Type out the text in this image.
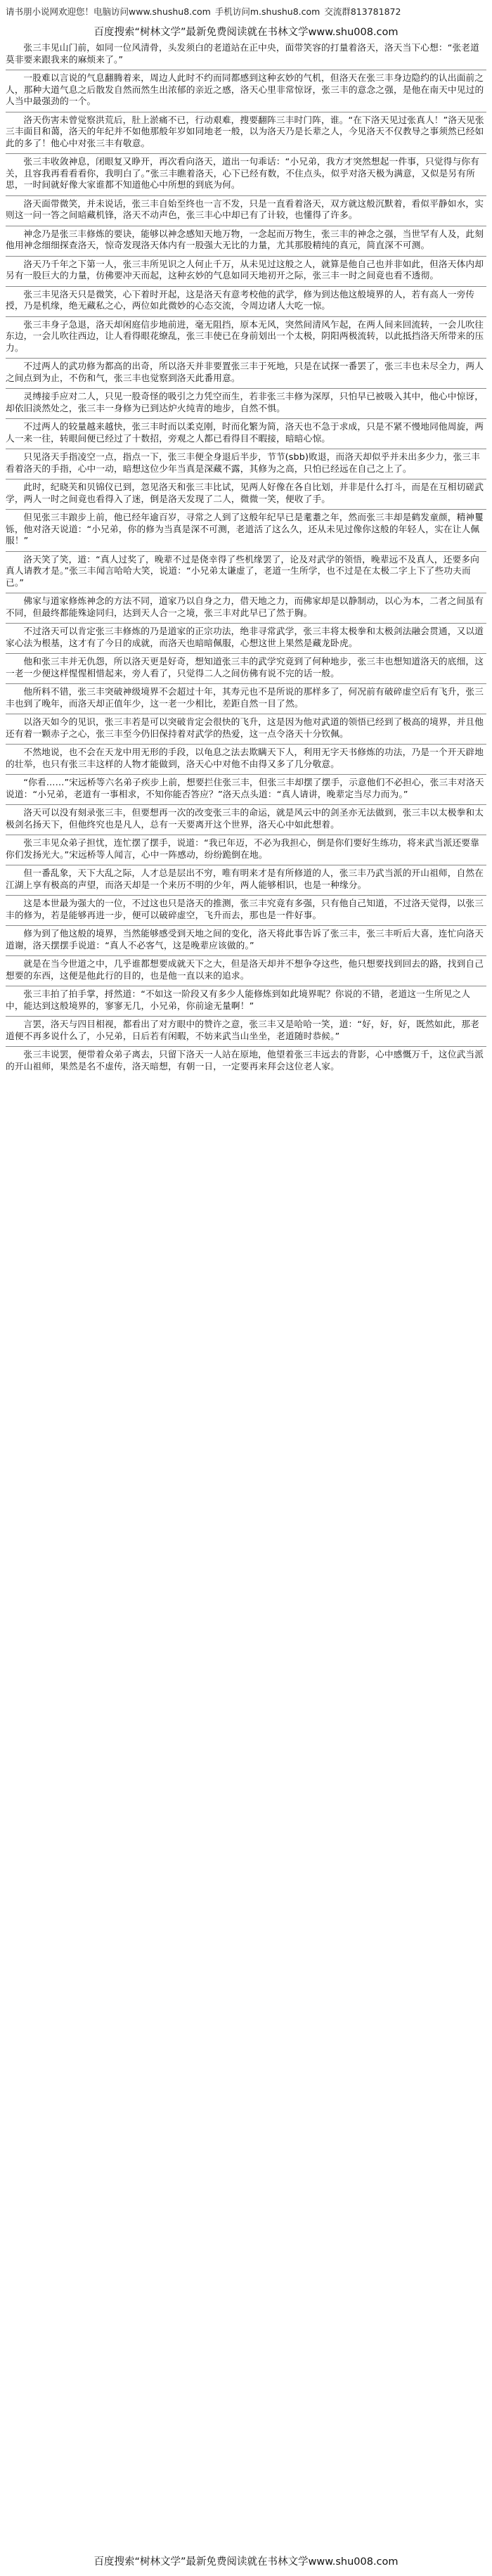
请书朋小说网欢迎您！电脑访问www.shushu8.com 手机访问m.shushu8.com 交流群813781872
百度搜索“树林文学”最新免费阅读就在书林文学www.shu008.com
张三丰见山门前，如同一位风清骨，头发须白的老道站在正中央，面带笑容的打量着洛天，洛天当下心想：“张老道莫非要来跟我来的麻烦来了。”
一股难以言说的气息翻腾着来，周边人此时不约而同都感到这种玄妙的气机，但洛天在张三丰身边隐约的认出面前之人，那种大道气息之后散发自然而然生出浓郁的亲近之感，洛天心里非常惊讶，张三丰的意念之强，是他在南天中见过的人当中最强劲的一个。
洛天伤害未曾觉察洪荒后，肚上淤痛不已，行动艰难，搜要翻阵三丰时门阵，谁。“在下洛天见过张真人！”洛天见张三丰面目和蔼，洛天的年纪并不如他那般年岁如同地老一般，以为洛天乃是长辈之人，今见洛天不仅教导之事须然已经如此的多了！他心中对张三丰有敬意。
张三丰收敛神息，闭眼复又睁开，再次看向洛天，道出一句乖话：“小兄弟，我方才突然想起一件事，只觉得与你有关，且容我再看看看你，我明白了。”张三丰瞧着洛天，心下已经有数，不住点头，似乎对洛天极为满意，又似是另有所思，一时间就好像大家谁都不知道他心中所想的到底为何。
洛天面带微笑，并未说话，张三丰自始至终也一言不发，只是一直看着洛天，双方就这般沉默着，看似平静如水，实则这一问一答之间暗藏机锋，洛天不动声色，张三丰心中却已有了计较，也懂得了许多。
神念乃是张三丰修炼的要诀，能够以神念感知天地万物，一念起而万物生，张三丰的神念之强，当世罕有人及，此刻他用神念细细探查洛天，惊奇发现洛天体内有一股强大无比的力量，尤其那股精纯的真元，简直深不可测。
洛天乃千年之下第一人，张三丰所见识之人何止千万，从未见过这般之人，就算是他自己也并非如此，但洛天体内却另有一股巨大的力量，仿佛要冲天而起，这种玄妙的气息如同天地初开之际，张三丰一时之间竟也看不透彻。
张三丰见洛天只是微笑，心下着时开起，这是洛天有意考校他的武学，修为到达他这般境界的人，若有高人一旁传授，乃是机缘，绝无藏私之心，两位如此微妙的心态交流，令周边诸人大吃一惊。
张三丰身子急退，洛天却闲庭信步地前进，毫无阻挡，原本无风，突然间清风乍起，在两人间来回流转，一会儿吹往东边，一会儿吹往西边，让人看得眼花缭乱，张三丰使已在身前划出一个太极，阴阳两极流转，以此抵挡洛天所带来的压力。
不过两人的武功修为都高的出奇，所以洛天并非要置张三丰于死地，只是在试探一番罢了，张三丰也未尽全力，两人之间点到为止，不伤和气，张三丰也觉察到洛天此番用意。
灵缚接手应对二人，只见一股奇怪的吸引之力凭空而生，若非张三丰修为深厚，只怕早已被吸入其中，他心中惊讶，却依旧淡然处之，张三丰一身修为已到达炉火纯青的地步，自然不惧。
不过两人的较量越来越快，张三丰时而以柔克刚，时而化繁为简，洛天也不急于求成，只是不紧不慢地同他周旋，两人一来一往，转眼间便已经过了十数招，旁观之人都已看得目不暇接，暗暗心惊。
只见洛天手指凌空一点，指点一下，张三丰便全身退后半步，节节(sbb)败退，而洛天却似乎并未出多少力，张三丰看着洛天的手指，心中一动，暗想这位少年当真是深藏不露，其修为之高，只怕已经远在自己之上了。
此时，纪晓芙和贝锦仪已到，忽见洛天和张三丰比试，见两人好像在各自比划，并非是什么打斗，而是在互相切磋武学，两人一时之间竟也看得入了迷，倒是洛天发现了二人，微微一笑，便收了手。
但见张三丰踉步上前，他已经年逾百岁，寻常之人到了这般年纪早已是耄耋之年，然而张三丰却是鹤发童颜，精神矍铄，他对洛天说道：“小兄弟，你的修为当真是深不可测，老道活了这么久，还从未见过像你这般的年轻人，实在让人佩服！”
洛天笑了笑，道：“真人过奖了，晚辈不过是侥幸得了些机缘罢了，论及对武学的领悟，晚辈远不及真人，还要多向真人请教才是。”张三丰闻言哈哈大笑，说道：“小兄弟太谦虚了，老道一生所学，也不过是在太极二字上下了些功夫而已。”
佛家与道家修炼神念的方法不同，道家乃以自身之力，借天地之力，而佛家却是以静制动，以心为本，二者之间虽有不同，但最终都能殊途同归，达到天人合一之境，张三丰对此早已了然于胸。
不过洛天可以肯定张三丰修炼的乃是道家的正宗功法，绝非寻常武学，张三丰将太极拳和太极剑法融会贯通，又以道家心法为根基，这才有了今日的成就，而洛天也暗暗佩服，心想这世上果然是藏龙卧虎。
他和张三丰并无仇怨，所以洛天更是好奇，想知道张三丰的武学究竟到了何种地步，张三丰也想知道洛天的底细，这一老一少便这样惺惺相惜起来，旁人看了，只觉得二人之间仿佛有说不完的话一般。
他所料不错，张三丰突破神级境界不会超过十年，其寿元也不是所说的那样多了，何况前有破碎虚空后有飞升，张三丰也到了晚年，而洛天却正值年少，这一老一少相比，差距自然一目了然。
以洛天如今的见识，张三丰若是可以突破肯定会很快的飞升，这是因为他对武道的领悟已经到了极高的境界，并且他还有着一颗赤子之心，张三丰至今仍旧保持着对武学的热爱，这一点令洛天十分钦佩。
不然地说，也不会在天龙中用无形的手段，以龟息之法去欺瞒天下人，利用无字天书修炼的功法，乃是一个开天辟地的壮举，也只有张三丰这样的人物才能做到，洛天心中对他不由得又多了几分敬意。
“你看……”宋远桥等六名弟子疾步上前，想要拦住张三丰，但张三丰却摆了摆手，示意他们不必担心，张三丰对洛天说道：“小兄弟，老道有一事相求，不知你能否答应？”洛天点头道：“真人请讲，晚辈定当尽力而为。”
洛天可以没有刻录张三丰，但要想再一次的改变张三丰的命运，就是风云中的剑圣亦无法做到，张三丰以太极拳和太极剑名扬天下，但他终究也是凡人，总有一天要离开这个世界，洛天心中如此想着。
张三丰见众弟子担忧，连忙摆了摆手，说道：“我已年迈，不必为我担心，倒是你们要好生练功，将来武当派还要靠你们发扬光大。”宋远桥等人闻言，心中一阵感动，纷纷跪倒在地。
但一番乱象，天下大乱之际，人才总是层出不穷，唯有明来才是有所修道的人，张三丰乃武当派的开山祖师，自然在江湖上享有极高的声望，而洛天却是一个来历不明的少年，两人能够相识，也是一种缘分。
这是本世最为强大的一位，不过这也只是洛天的推测，张三丰究竟有多强，只有他自己知道，不过洛天觉得，以张三丰的修为，若是能够再进一步，便可以破碎虚空，飞升而去，那也是一件好事。
修为到了他这般的境界，当然能够感受到天地之间的变化，洛天将此事告诉了张三丰，张三丰听后大喜，连忙向洛天道谢，洛天摆摆手说道：“真人不必客气，这是晚辈应该做的。”
就是在当今世道之中，几乎谁都想要成就天下之大，但是洛天却并不想争夺这些，他只想要找到回去的路，找到自己想要的东西，这便是他此行的目的，也是他一直以来的追求。
张三丰拍了拍手掌，捋然道：“不如这一阶段又有多少人能修炼到如此境界呢？你说的不错，老道这一生所见之人中，能达到这般境界的，寥寥无几，小兄弟，你前途无量啊！”
言罢，洛天与四目相视，都看出了对方眼中的赞许之意，张三丰又是哈哈一笑，道：“好，好，好，既然如此，那老道便不再多说什么了，小兄弟，日后若有闲暇，不妨来武当山坐坐，老道随时恭候。”
张三丰说罢，便带着众弟子离去，只留下洛天一人站在原地，他望着张三丰远去的背影，心中感慨万千，这位武当派的开山祖师，果然是名不虚传，洛天暗想，有朝一日，一定要再来拜会这位老人家。
百度搜索“树林文学”最新免费阅读就在书林文学www.shu008.com
